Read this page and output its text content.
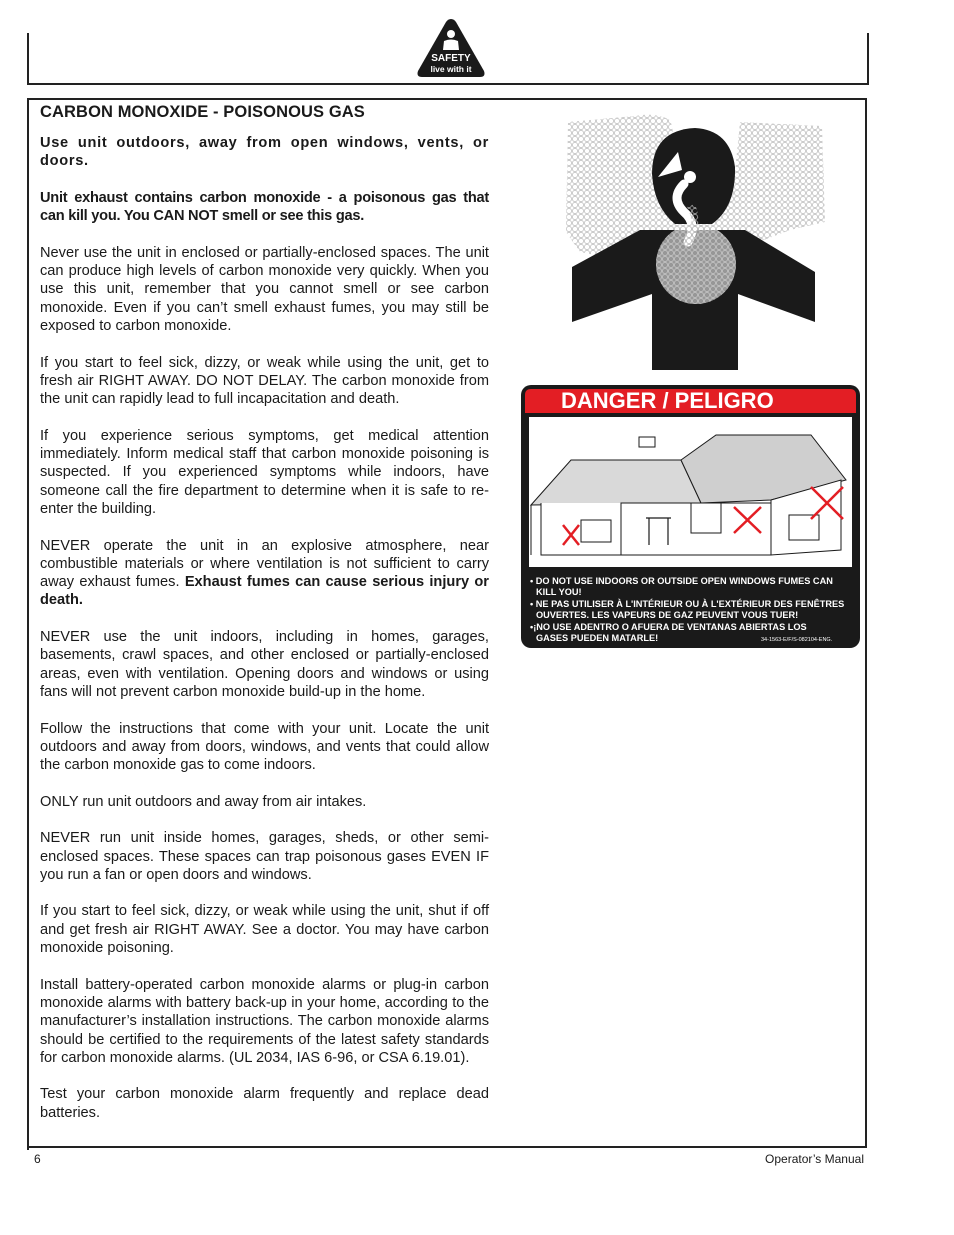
SAFETY
live with it
CARBON MONOXIDE - POISONOUS GAS

Use unit outdoors, away from open windows, vents, or doors.

Unit exhaust contains carbon monoxide - a poisonous gas that can kill you. You CAN NOT smell or see this gas.

Never use the unit in enclosed or partially-enclosed spaces. The unit can produce high levels of carbon monoxide very quickly. When you use this unit, remember that you cannot smell or see carbon monoxide. Even if you can’t smell exhaust fumes, you may still be exposed to carbon monoxide.

If you start to feel sick, dizzy, or weak while using the unit, get to fresh air RIGHT AWAY. DO NOT DELAY. The carbon monoxide from the unit can rapidly lead to full incapacitation and death.

If you experience serious symptoms, get medical attention immediately. Inform medical staff that carbon monoxide poisoning is suspected. If you experienced symptoms while indoors, have someone call the fire department to determine when it is safe to re-enter the building.

NEVER operate the unit in an explosive atmosphere, near combustible materials or where ventilation is not sufficient to carry away exhaust fumes. Exhaust fumes can cause serious injury or death.

NEVER use the unit indoors, including in homes, garages, basements, crawl spaces, and other enclosed or partially-enclosed areas, even with ventilation. Opening doors and windows or using fans will not prevent carbon monoxide build-up in the home.

Follow the instructions that come with your unit. Locate the unit outdoors and away from doors, windows, and vents that could allow the carbon monoxide gas to come indoors.

ONLY run unit outdoors and away from air intakes.

NEVER run unit inside homes, garages, sheds, or other semi-enclosed spaces. These spaces can trap poisonous gases EVEN IF you run a fan or open doors and windows.

If you start to feel sick, dizzy, or weak while using the unit, shut if off and get fresh air RIGHT AWAY. See a doctor. You may have carbon monoxide poisoning.

Install battery-operated carbon monoxide alarms or plug-in carbon monoxide alarms with battery back-up in your home, according to the manufacturer’s installation instructions. The carbon monoxide alarms should be certified to the requirements of the latest safety standards for carbon monoxide alarms. (UL 2034, IAS 6-96, or CSA 6.19.01).

Test your carbon monoxide alarm frequently and replace dead batteries.

DANGER / PELIGRO
• DO NOT USE INDOORS OR OUTSIDE OPEN WINDOWS FUMES CAN
KILL YOU!
• NE PAS UTILISER À L'INTÉRIEUR OU À L'EXTÉRIEUR DES FENÊTRES
OUVERTES. LES VAPEURS DE GAZ PEUVENT VOUS TUER!
•¡NO USE ADENTRO O AFUERA DE VENTANAS ABIERTAS LOS
GASES PUEDEN MATARLE!	34-1563-E/F/S-082104-ENG.
6	Operator’s Manual
